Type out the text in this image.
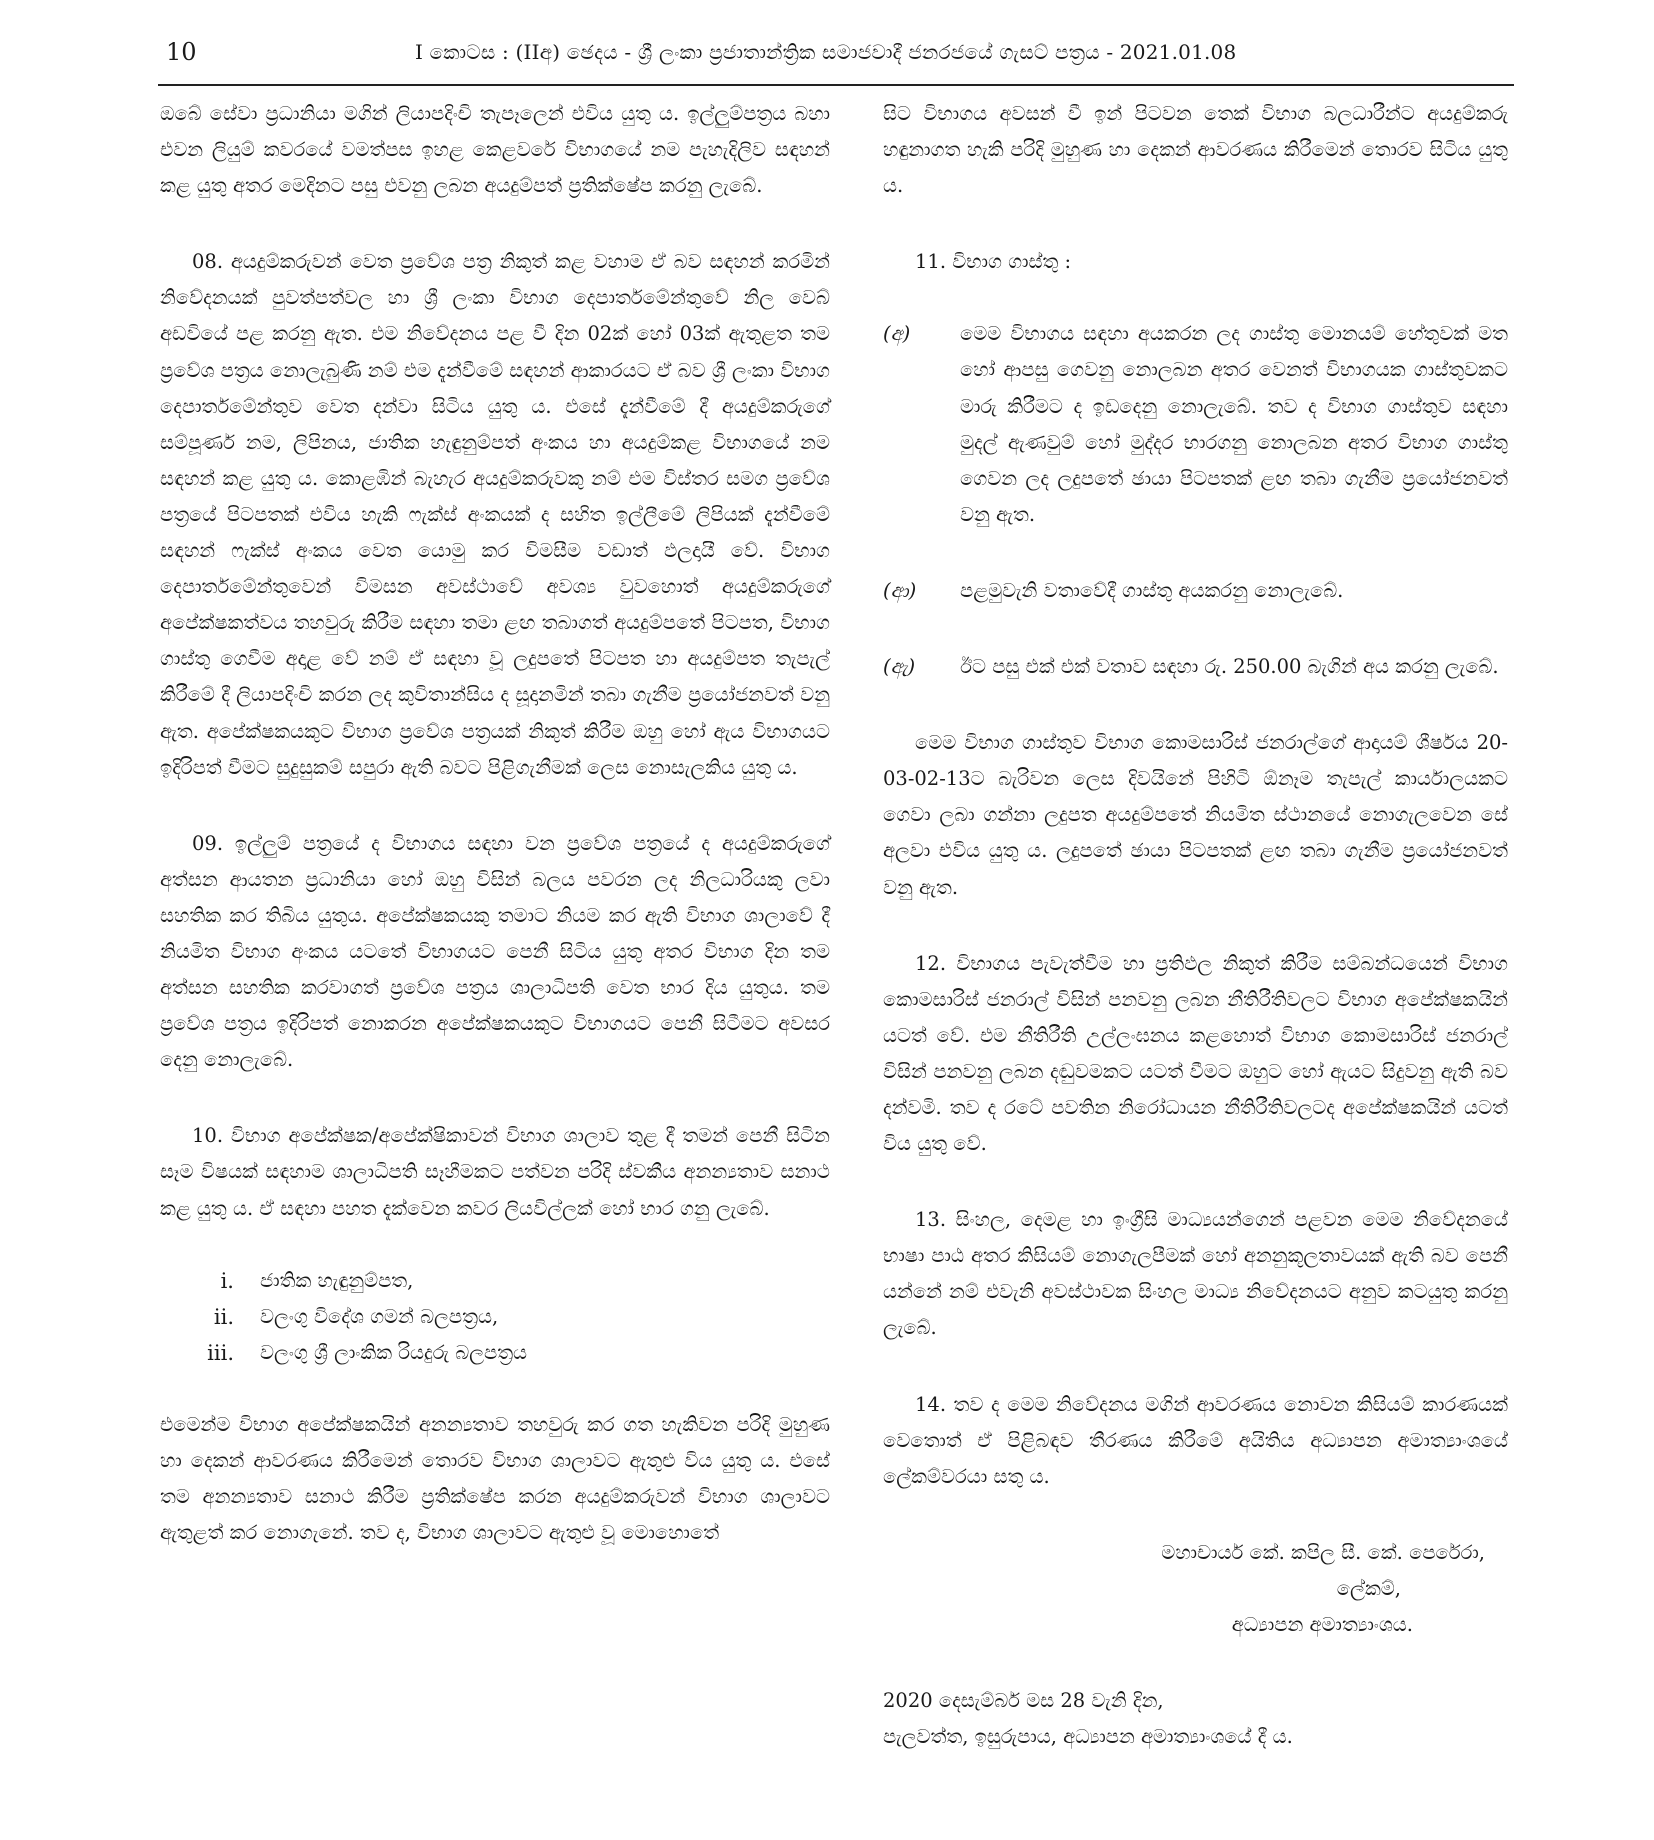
10	I කොටස : (IIඅ) ඡෙදය - ශ්‍රී ලංකා ප්‍රජාතාන්ත්‍රික සමාජවාදී ජනරජයේ ගැසට් පත්‍රය - 2021.01.08

ඔබේ සේවා ප්‍රධානියා මගින් ලියාපදිංචි තැපෑලෙන් එවිය යුතු ය. ඉල්ලුම්පත්‍රය බහා එවන ලියුම් කවරයේ වමත්පස ඉහළ කෙළවරේ විභාගයේ නම පැහැදිලිව සඳහන් කළ යුතු අතර මෙදිනට පසු එවනු ලබන අයදුම්පත් ප්‍රතික්ෂේප කරනු ලැබේ.

08. අයදුම්කරුවන් වෙත ප්‍රවේශ පත්‍ර නිකුත් කළ වහාම ඒ බව සඳහන් කරමින් නිවේදනයක් පුවත්පත්වල හා ශ්‍රී ලංකා විභාග දෙපාර්තමේන්තුවේ නිල වෙබ් අඩවියේ පළ කරනු ඇත. එම නිවේදනය පළ වී දින 02ක් හෝ 03ක් ඇතුළත තම ප්‍රවේශ පත්‍රය නොලැබුණි නම් එම දැන්වීමේ සඳහන් ආකාරයට ඒ බව ශ්‍රී ලංකා විභාග දෙපාර්තමේන්තුව වෙත දන්වා සිටිය යුතු ය. එසේ දැන්වීමේ දී අයදුම්කරුගේ සම්පූර්ණ නම, ලිපිනය, ජාතික හැඳුනුම්පත් අංකය හා අයදුම්කළ විභාගයේ නම සඳහන් කළ යුතු ය. කොළඹින් බැහැර අයදුම්කරුවකු නම් එම විස්තර සමග ප්‍රවේශ පත්‍රයේ පිටපතක් එවිය හැකි ෆැක්ස් අංකයක් ද සහිත ඉල්ලීමේ ලිපියක් දැන්වීමේ සඳහන් ෆැක්ස් අංකය වෙත යොමු කර විමසීම වඩාත් ඵලදායී වේ. විභාග දෙපාර්තමේන්තුවෙන් විමසන අවස්ථාවේ අවශ්‍ය වුවහොත් අයදුම්කරුගේ අපේක්ෂකත්වය තහවුරු කිරීම සඳහා තමා ළඟ තබාගත් අයදුම්පතේ පිටපත, විභාග ගාස්තු ගෙවීම අදාළ වේ නම් ඒ සඳහා වූ ලදුපතේ පිටපත හා අයදුම්පත තැපැල් කිරීමේ දී ලියාපදිංචි කරන ලද කුවිතාන්සිය ද සූදානමින් තබා ගැනීම ප්‍රයෝජනවත් වනු ඇත. අපේක්ෂකයකුට විභාග ප්‍රවේශ පත්‍රයක් නිකුත් කිරීම ඔහු හෝ ඇය විභාගයට ඉදිරිපත් වීමට සුදුසුකම් සපුරා ඇති බවට පිළිගැනීමක් ලෙස නොසැලකිය යුතු ය.

09. ඉල්ලුම් පත්‍රයේ ද විභාගය සඳහා වන ප්‍රවේශ පත්‍රයේ ද අයදුම්කරුගේ අත්සන ආයතන ප්‍රධානියා හෝ ඔහු විසින් බලය පවරන ලද නිලධාරියකු ලවා සහතික කර තිබිය යුතුය. අපේක්ෂකයකු තමාට නියම කර ඇති විභාග ශාලාවේ දී නියමිත විභාග අංකය යටතේ විභාගයට පෙනී සිටිය යුතු අතර විභාග දින තම අත්සන සහතික කරවාගත් ප්‍රවේශ පත්‍රය ශාලාධිපති වෙත භාර දිය යුතුය. තම ප්‍රවේශ පත්‍රය ඉදිරිපත් නොකරන අපේක්ෂකයකුට විභාගයට පෙනී සිටීමට අවසර දෙනු නොලැබේ.

10. විභාග අපේක්ෂක/අපේක්ෂිකාවන් විභාග ශාලාව තුළ දී තමන් පෙනී සිටින සෑම විෂයක් සඳහාම ශාලාධිපති සෑහීමකට පත්වන පරිදි ස්වකීය අනන්‍යතාව සනාථ කළ යුතු ය. ඒ සඳහා පහත දැක්වෙන කවර ලියවිල්ලක් හෝ භාර ගනු ලැබේ.

i.	ජාතික හැඳුනුම්පත,
ii.	වලංගු විදේශ ගමන් බලපත්‍රය,
iii.	වලංගු ශ්‍රී ලාංකික රියදුරු බලපත්‍රය

එමෙන්ම විභාග අපේක්ෂකයින් අනන්‍යතාව තහවුරු කර ගත හැකිවන පරිදි මුහුණ හා දෙකන් ආවරණය කිරීමෙන් තොරව විභාග ශාලාවට ඇතුළු විය යුතු ය. එසේ තම අනන්‍යතාව සනාථ කිරීම ප්‍රතික්ෂේප කරන අයදුම්කරුවන් විභාග ශාලාවට ඇතුළත් කර නොගැනේ. තව ද, විභාග ශාලාවට ඇතුළු වූ මොහොතේ

සිට විභාගය අවසන් වී ඉන් පිටවන තෙක් විභාග බලධාරීන්ට අයදුම්කරු හඳුනාගත හැකි පරිදි මුහුණ හා දෙකන් ආවරණය කිරීමෙන් තොරව සිටිය යුතු ය.

11. විභාග ගාස්තු :

(අ)	මෙම විභාගය සඳහා අයකරන ලද ගාස්තු මොනයම් හේතුවක් මත හෝ ආපසු ගෙවනු නොලබන අතර වෙනත් විභාගයක ගාස්තුවකට මාරු කිරීමට ද ඉඩදෙනු නොලැබේ. තව ද විභාග ගාස්තුව සඳහා මුදල් ඇණවුම් හෝ මුද්දර භාරගනු නොලබන අතර විභාග ගාස්තු ගෙවන ලද ලදුපතේ ඡායා පිටපතක් ළඟ තබා ගැනීම ප්‍රයෝජනවත් වනු ඇත.
(ආ)	පළමුවැනි වතාවේදී ගාස්තු අයකරනු නොලැබේ.
(ඇ)	ඊට පසු එක් එක් වතාව සඳහා රු. 250.00 බැගින් අය කරනු ලැබේ.

මෙම විභාග ගාස්තුව විභාග කොමසාරිස් ජනරාල්ගේ ආදායම් ශීර්ෂය 20-03-02-13ට බැරිවන ලෙස දිවයිනේ පිහිටි ඕනෑම තැපැල් කාර්යාලයකට ගෙවා ලබා ගන්නා ලදුපත අයදුම්පතේ නියමිත ස්ථානයේ නොගැලවෙන සේ අලවා එවිය යුතු ය. ලදුපතේ ඡායා පිටපතක් ළඟ තබා ගැනීම ප්‍රයෝජනවත් වනු ඇත.

12. විභාගය පැවැත්වීම හා ප්‍රතිඵල නිකුත් කිරීම සම්බන්ධයෙන් විභාග කොමසාරිස් ජනරාල් විසින් පනවනු ලබන නීතිරීතිවලට විභාග අපේක්ෂකයින් යටත් වේ. එම නීතිරීති උල්ලංඝනය කළහොත් විභාග කොමසාරිස් ජනරාල් විසින් පනවනු ලබන දඬුවමකට යටත් වීමට ඔහුට හෝ ඇයට සිදුවනු ඇති බව දන්වමි. තව ද රටේ පවතින නිරෝධායන නීතිරීතිවලටද අපේක්ෂකයින් යටත් විය යුතු වේ.

13. සිංහල, දෙමළ හා ඉංග්‍රීසි මාධ්‍යයන්ගෙන් පළවන මෙම නිවේදනයේ භාෂා පාඨ අතර කිසියම් නොගැලපීමක් හෝ අනනුකූලතාවයක් ඇති බව පෙනී යන්නේ නම් එවැනි අවස්ථාවක සිංහල මාධ්‍ය නිවේදනයට අනුව කටයුතු කරනු ලැබේ.

14. තව ද මෙම නිවේදනය මගින් ආවරණය නොවන කිසියම් කාරණයක් වෙතොත් ඒ පිළිබඳව තීරණය කිරීමේ අයිතිය අධ්‍යාපන අමාත්‍යාංශයේ ලේකම්වරයා සතු ය.

මහාචාර්ය කේ. කපිල සී. කේ. පෙරේරා,
ලේකම්,
අධ්‍යාපන අමාත්‍යාංශය.
2020 දෙසැම්බර් මස 28 වැනි දින,
පැලවත්ත, ඉසුරුපාය, අධ්‍යාපන අමාත්‍යාංශයේ දී ය.
